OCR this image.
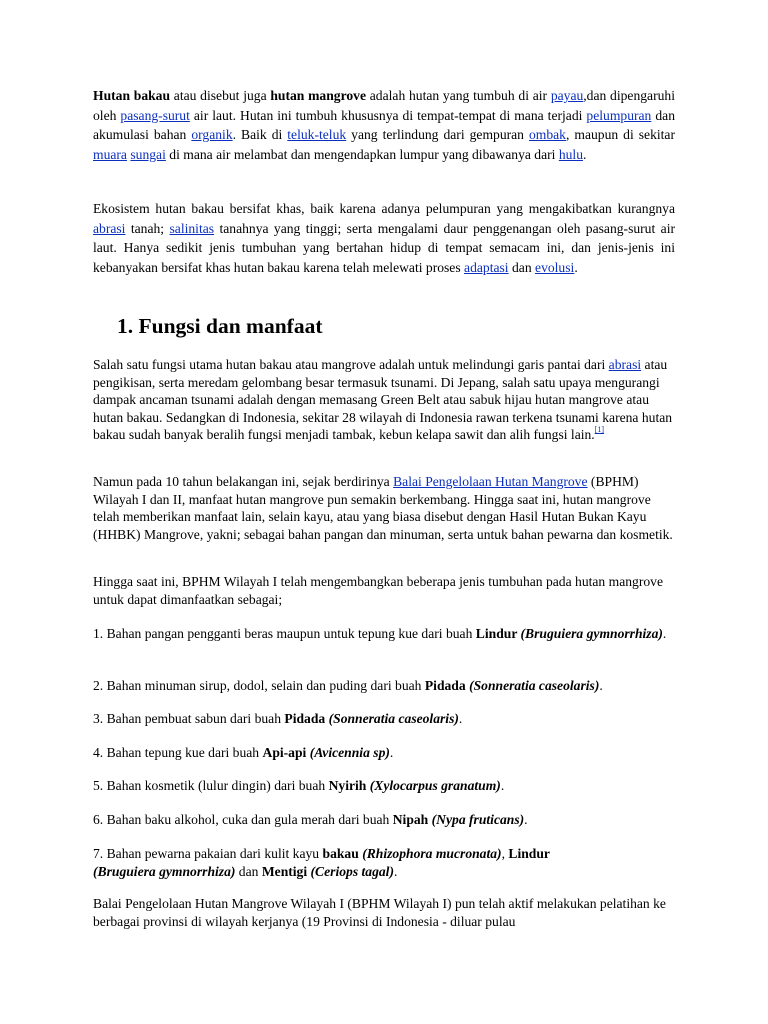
Hutan bakau atau disebut juga hutan mangrove adalah hutan yang tumbuh di air payau,dan dipengaruhi oleh pasang-surut air laut. Hutan ini tumbuh khususnya di tempat-tempat di mana terjadi pelumpuran dan akumulasi bahan organik. Baik di teluk-teluk yang terlindung dari gempuran ombak, maupun di sekitar muara sungai di mana air melambat dan mengendapkan lumpur yang dibawanya dari hulu.

Ekosistem hutan bakau bersifat khas, baik karena adanya pelumpuran yang mengakibatkan kurangnya abrasi tanah; salinitas tanahnya yang tinggi; serta mengalami daur penggenangan oleh pasang-surut air laut. Hanya sedikit jenis tumbuhan yang bertahan hidup di tempat semacam ini, dan jenis-jenis ini kebanyakan bersifat khas hutan bakau karena telah melewati proses adaptasi dan evolusi.

1. Fungsi dan manfaat

Salah satu fungsi utama hutan bakau atau mangrove adalah untuk melindungi garis pantai dari abrasi atau pengikisan, serta meredam gelombang besar termasuk tsunami. Di Jepang, salah satu upaya mengurangi dampak ancaman tsunami adalah dengan memasang Green Belt atau sabuk hijau hutan mangrove atau hutan bakau. Sedangkan di Indonesia, sekitar 28 wilayah di Indonesia rawan terkena tsunami karena hutan bakau sudah banyak beralih fungsi menjadi tambak, kebun kelapa sawit dan alih fungsi lain.[1]

Namun pada 10 tahun belakangan ini, sejak berdirinya Balai Pengelolaan Hutan Mangrove (BPHM) Wilayah I dan II, manfaat hutan mangrove pun semakin berkembang. Hingga saat ini, hutan mangrove telah memberikan manfaat lain, selain kayu, atau yang biasa disebut dengan Hasil Hutan Bukan Kayu (HHBK) Mangrove, yakni; sebagai bahan pangan dan minuman, serta untuk bahan pewarna dan kosmetik.

Hingga saat ini, BPHM Wilayah I telah mengembangkan beberapa jenis tumbuhan pada hutan mangrove untuk dapat dimanfaatkan sebagai;

1. Bahan pangan pengganti beras maupun untuk tepung kue dari buah Lindur (Bruguiera gymnorrhiza).

2. Bahan minuman sirup, dodol, selain dan puding dari buah Pidada (Sonneratia caseolaris).

3. Bahan pembuat sabun dari buah Pidada (Sonneratia caseolaris).

4. Bahan tepung kue dari buah Api-api (Avicennia sp).

5. Bahan kosmetik (lulur dingin) dari buah Nyirih (Xylocarpus granatum).

6. Bahan baku alkohol, cuka dan gula merah dari buah Nipah (Nypa fruticans).

7. Bahan pewarna pakaian dari kulit kayu bakau (Rhizophora mucronata), Lindur
(Bruguiera gymnorrhiza) dan Mentigi (Ceriops tagal).

Balai Pengelolaan Hutan Mangrove Wilayah I (BPHM Wilayah I) pun telah aktif melakukan pelatihan ke berbagai provinsi di wilayah kerjanya (19 Provinsi di Indonesia - diluar pulau
